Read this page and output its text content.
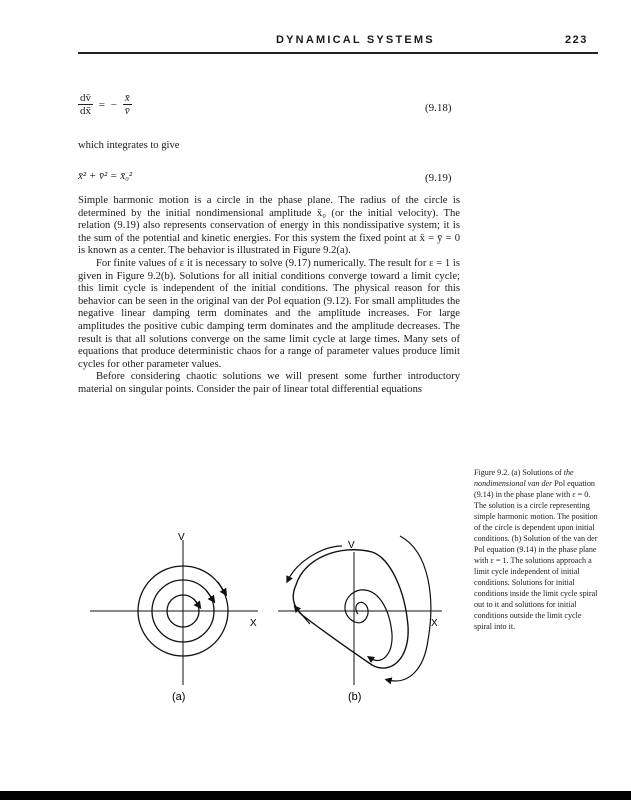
DYNAMICAL SYSTEMS	223
$\frac{dv̄}{dx̄}$ = − $\frac{x̄}{v̄}$	(9.18)
which integrates to give
x̄² + v̄² = x̄₀²	(9.19)

Simple harmonic motion is a circle in the phase plane. The radius of the circle is determined by the initial nondimensional amplitude x̄₀ (or the initial velocity). The relation (9.19) also represents conservation of energy in this nondissipative system; it is the sum of the potential and kinetic energies. For this system the fixed point at x̄ = ȳ = 0 is known as a center. The behavior is illustrated in Figure 9.2(a).

For finite values of ε it is necessary to solve (9.17) numerically. The result for ε = 1 is given in Figure 9.2(b). Solutions for all initial conditions converge toward a limit cycle; this limit cycle is independent of the initial conditions. The physical reason for this behavior can be seen in the original van der Pol equation (9.12). For small amplitudes the negative linear damping term dominates and the amplitude increases. For large amplitudes the positive cubic damping term dominates and the amplitude decreases. The result is that all solutions converge on the same limit cycle at large times. Many sets of equations that produce deterministic chaos for a range of parameter values produce limit cycles for other parameter values.

Before considering chaotic solutions we will present some further introductory material on singular points. Consider the pair of linear total differential equations

Figure 9.2. (a) Solutions of the nondimensional van der Pol equation (9.14) in the phase plane with ε = 0. The solution is a circle representing simple harmonic motion. The position of the circle is dependent upon initial conditions. (b) Solution of the van der Pol equation (9.14) in the phase plane with ε = 1. The solutions approach a limit cycle independent of initial conditions. Solutions for initial conditions inside the limit cycle spiral out to it and solutions for initial conditions outside the limit cycle spiral into it.
V
X
(a)
V
X
(b)
